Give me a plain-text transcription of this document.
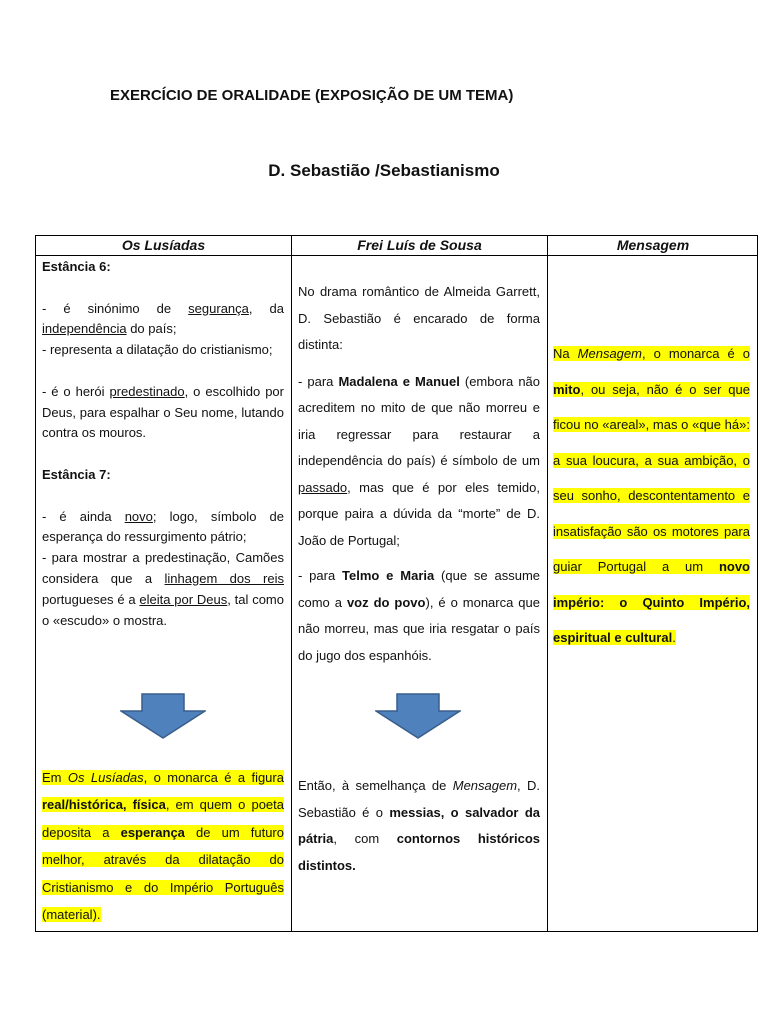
EXERCÍCIO DE ORALIDADE (EXPOSIÇÃO DE UM TEMA)
D. Sebastião /Sebastianismo
Os Lusíadas	Frei Luís de Sousa	Mensagem

Estância 6:

- é sinónimo de segurança, da independência do país;

- representa a dilatação do cristianismo;

- é o herói predestinado, o escolhido por Deus, para espalhar o Seu nome, lutando contra os mouros.

Estância 7:

- é ainda novo; logo, símbolo de esperança do ressurgimento pátrio;

- para mostrar a predestinação, Camões considera que a linhagem dos reis portugueses é a eleita por Deus, tal como o «escudo» o mostra.

Em Os Lusíadas, o monarca é a figura real/histórica, física, em quem o poeta deposita a esperança de um futuro melhor, através da dilatação do Cristianismo e do Império Português (material).

No drama romântico de Almeida Garrett, D. Sebastião é encarado de forma distinta:

- para Madalena e Manuel (embora não acreditem no mito de que não morreu e iria regressar para restaurar a independência do país) é símbolo de um passado, mas que é por eles temido, porque paira a dúvida da “morte” de D. João de Portugal;

- para Telmo e Maria (que se assume como a voz do povo), é o monarca que não morreu, mas que iria resgatar o país do jugo dos espanhóis.

Então, à semelhança de Mensagem, D. Sebastião é o messias, o salvador da pátria, com contornos históricos distintos.

Na Mensagem, o monarca é o mito, ou seja, não é o ser que ficou no «areal», mas o «que há»: a sua loucura, a sua ambição, o seu sonho, descontentamento e insatisfação são os motores para guiar Portugal a um novo império: o Quinto Império, espiritual e cultural.
